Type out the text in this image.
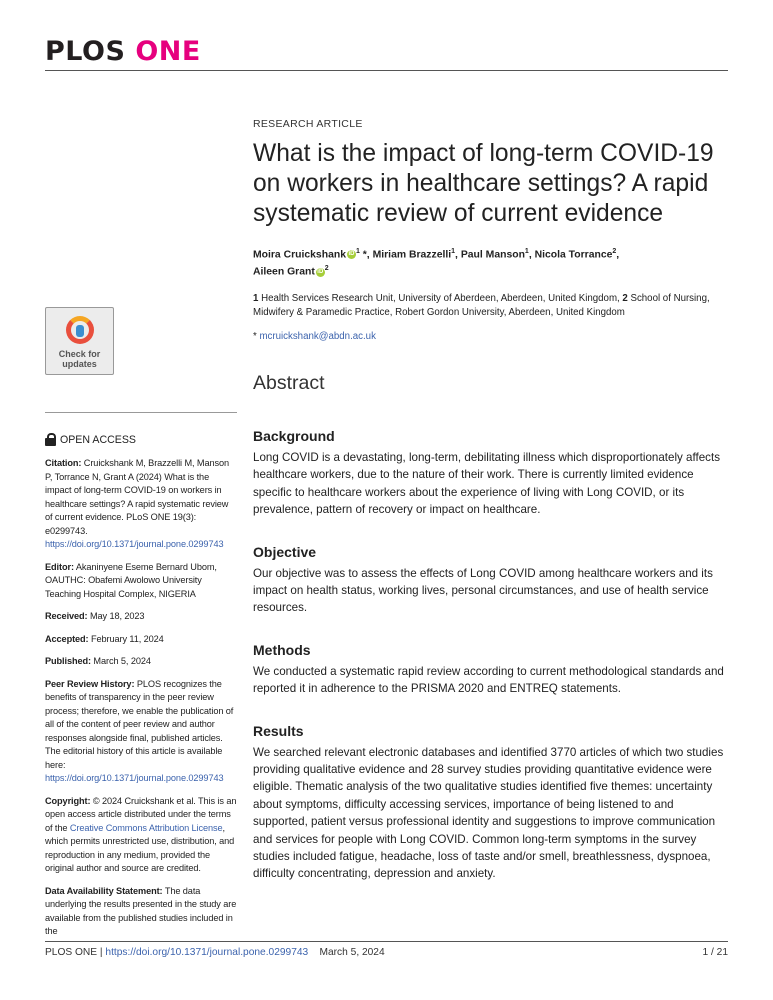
PLOS ONE
RESEARCH ARTICLE
What is the impact of long-term COVID-19 on workers in healthcare settings? A rapid systematic review of current evidence
Moira Cruickshank iD $^1$ *, Miriam Brazzelli$^1$, Paul Manson$^1$, Nicola Torrance$^2$,
Aileen Grant iD $^2$
1 Health Services Research Unit, University of Aberdeen, Aberdeen, United Kingdom, 2 School of Nursing, Midwifery & Paramedic Practice, Robert Gordon University, Aberdeen, United Kingdom
* mcruickshank@abdn.ac.uk
Abstract
Background

Long COVID is a devastating, long-term, debilitating illness which disproportionately affects healthcare workers, due to the nature of their work. There is currently limited evidence specific to healthcare workers about the experience of living with Long COVID, or its prevalence, pattern of recovery or impact on healthcare.

Objective

Our objective was to assess the effects of Long COVID among healthcare workers and its impact on health status, working lives, personal circumstances, and use of health service resources.

Methods

We conducted a systematic rapid review according to current methodological standards and reported it in adherence to the PRISMA 2020 and ENTREQ statements.

Results

We searched relevant electronic databases and identified 3770 articles of which two studies providing qualitative evidence and 28 survey studies providing quantitative evidence were eligible. Thematic analysis of the two qualitative studies identified five themes: uncertainty about symptoms, difficulty accessing services, importance of being listened to and supported, patient versus professional identity and suggestions to improve communication and services for people with Long COVID. Common long-term symptoms in the survey studies included fatigue, headache, loss of taste and/or smell, breathlessness, dyspnoea, difficulty concentrating, depression and anxiety.

Check for
updates
OPEN ACCESS

Citation: Cruickshank M, Brazzelli M, Manson P, Torrance N, Grant A (2024) What is the impact of long-term COVID-19 on workers in healthcare settings? A rapid systematic review of current evidence. PLoS ONE 19(3): e0299743. https://doi.org/10.1371/journal.pone.0299743

Editor: Akaninyene Eseme Bernard Ubom, OAUTHC: Obafemi Awolowo University Teaching Hospital Complex, NIGERIA

Received: May 18, 2023

Accepted: February 11, 2024

Published: March 5, 2024

Peer Review History: PLOS recognizes the benefits of transparency in the peer review process; therefore, we enable the publication of all of the content of peer review and author responses alongside final, published articles. The editorial history of this article is available here: https://doi.org/10.1371/journal.pone.0299743

Copyright: © 2024 Cruickshank et al. This is an open access article distributed under the terms of the Creative Commons Attribution License, which permits unrestricted use, distribution, and reproduction in any medium, provided the original author and source are credited.

Data Availability Statement: The data underlying the results presented in the study are available from the published studies included in the

PLOS ONE | https://doi.org/10.1371/journal.pone.0299743 March 5, 2024	1 / 21
